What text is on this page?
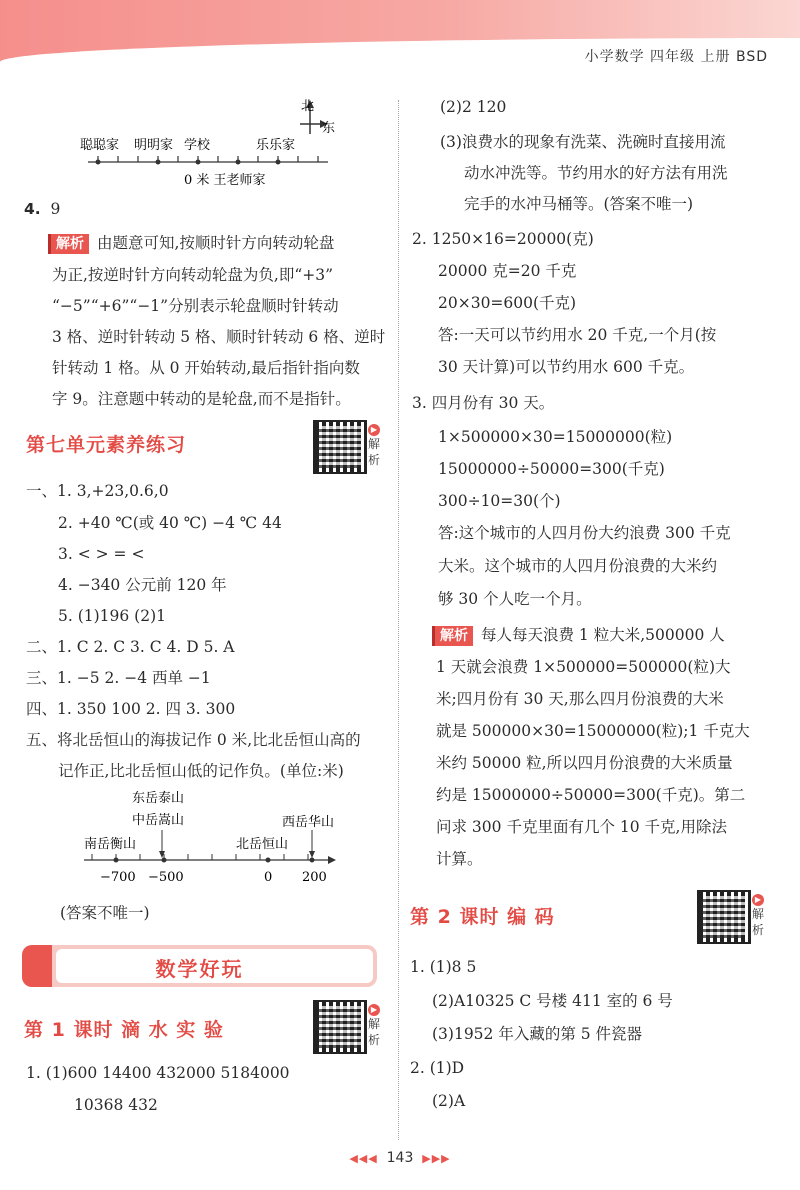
小学数学 四年级 上册 BSD
北
东
聪聪家 明明家 学校	乐乐家
0 米 王老师家
4. 9
解析 由题意可知,按顺时针方向转动轮盘
为正,按逆时针方向转动轮盘为负,即“+3”
“−5”“+6”“−1”分别表示轮盘顺时针转动
3 格、逆时针转动 5 格、顺时针转动 6 格、逆时
针转动 1 格。从 0 开始转动,最后指针指向数
字 9。注意题中转动的是轮盘,而不是指针。
第七单元素养练习
▶
解析
一、1. 3,+23,0.6,0
2. +40 ℃(或 40 ℃) −4 ℃ 44
3. < > = <
4. −340 公元前 120 年
5. (1)196 (2)1
二、1. C 2. C 3. C 4. D 5. A
三、1. −5 2. −4 西单 −1
四、1. 350 100 2. 四 3. 300
五、将北岳恒山的海拔记作 0 米,比北岳恒山高的
记作正,比北岳恒山低的记作负。(单位:米)
东岳泰山
中岳嵩山
南岳衡山	北岳恒山
西岳华山
−700 −500	0 200
(答案不唯一)
数学好玩
第 1 课时 滴 水 实 验
▶
解析
1. (1)600 14400 432000 5184000
10368 432
(2)2 120
(3)浪费水的现象有洗菜、洗碗时直接用流
动水冲洗等。节约用水的好方法有用洗
完手的水冲马桶等。(答案不唯一)
2. 1250×16=20000(克)
20000 克=20 千克
20×30=600(千克)
答:一天可以节约用水 20 千克,一个月(按
30 天计算)可以节约用水 600 千克。
3. 四月份有 30 天。
1×500000×30=15000000(粒)
15000000÷50000=300(千克)
300÷10=30(个)
答:这个城市的人四月份大约浪费 300 千克
大米。这个城市的人四月份浪费的大米约
够 30 个人吃一个月。
解析 每人每天浪费 1 粒大米,500000 人
1 天就会浪费 1×500000=500000(粒)大
米;四月份有 30 天,那么四月份浪费的大米
就是 500000×30=15000000(粒);1 千克大
米约 50000 粒,所以四月份浪费的大米质量
约是 15000000÷50000=300(千克)。第二
问求 300 千克里面有几个 10 千克,用除法
计算。
第 2 课时 编 码
▶
解析
1. (1)8 5
(2)A10325 C 号楼 411 室的 6 号
(3)1952 年入藏的第 5 件瓷器
2. (1)D
(2)A
◀◀◀ 143 ▶▶▶
